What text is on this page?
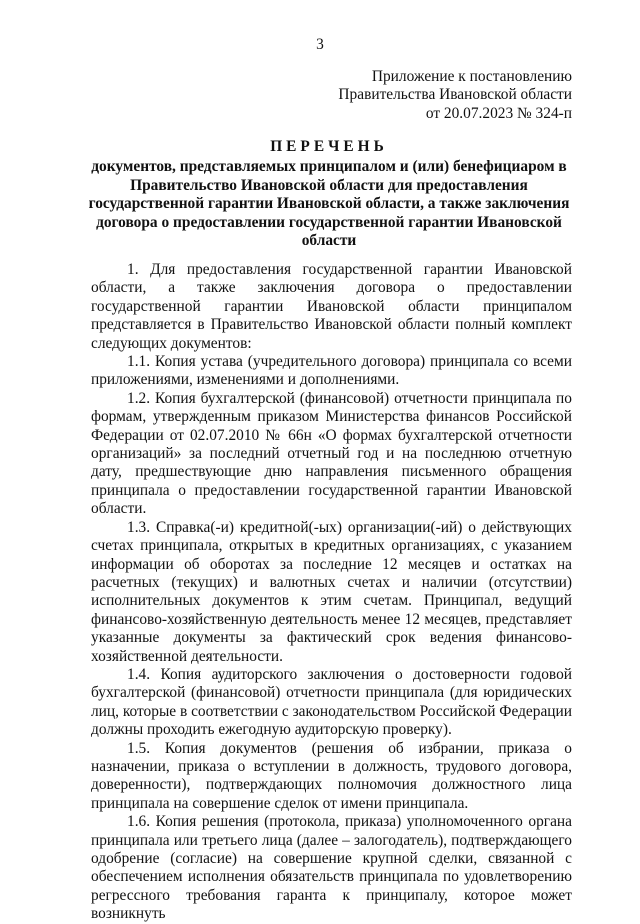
3
Приложение к постановлению
Правительства Ивановской области
от 20.07.2023 № 324-п
ПЕРЕЧЕНЬ
документов, представляемых принципалом и (или) бенефициаром в Правительство Ивановской области для предоставления государственной гарантии Ивановской области, а также заключения договора о предоставлении государственной гарантии Ивановской области

1. Для предоставления государственной гарантии Ивановской области, а также заключения договора о предоставлении государственной гарантии Ивановской области принципалом представляется в Правительство Ивановской области полный комплект следующих документов:

1.1. Копия устава (учредительного договора) принципала со всеми приложениями, изменениями и дополнениями.

1.2. Копия бухгалтерской (финансовой) отчетности принципала по формам, утвержденным приказом Министерства финансов Российской Федерации от 02.07.2010 № 66н «О формах бухгалтерской отчетности организаций» за последний отчетный год и на последнюю отчетную дату, предшествующие дню направления письменного обращения принципала о предоставлении государственной гарантии Ивановской области.

1.3. Справка(-и) кредитной(-ых) организации(-ий) о действующих счетах принципала, открытых в кредитных организациях, с указанием информации об оборотах за последние 12 месяцев и остатках на расчетных (текущих) и валютных счетах и наличии (отсутствии) исполнительных документов к этим счетам. Принципал, ведущий финансово-хозяйственную деятельность менее 12 месяцев, представляет указанные документы за фактический срок ведения финансово-хозяйственной деятельности.

1.4. Копия аудиторского заключения о достоверности годовой бухгалтерской (финансовой) отчетности принципала (для юридических лиц, которые в соответствии с законодательством Российской Федерации должны проходить ежегодную аудиторскую проверку).

1.5. Копия документов (решения об избрании, приказа о назначении, приказа о вступлении в должность, трудового договора, доверенности), подтверждающих полномочия должностного лица принципала на совершение сделок от имени принципала.

1.6. Копия решения (протокола, приказа) уполномоченного органа принципала или третьего лица (далее – залогодатель), подтверждающего одобрение (согласие) на совершение крупной сделки, связанной с обеспечением исполнения обязательств принципала по удовлетворению регрессного требования гаранта к принципалу, которое может возникнуть
